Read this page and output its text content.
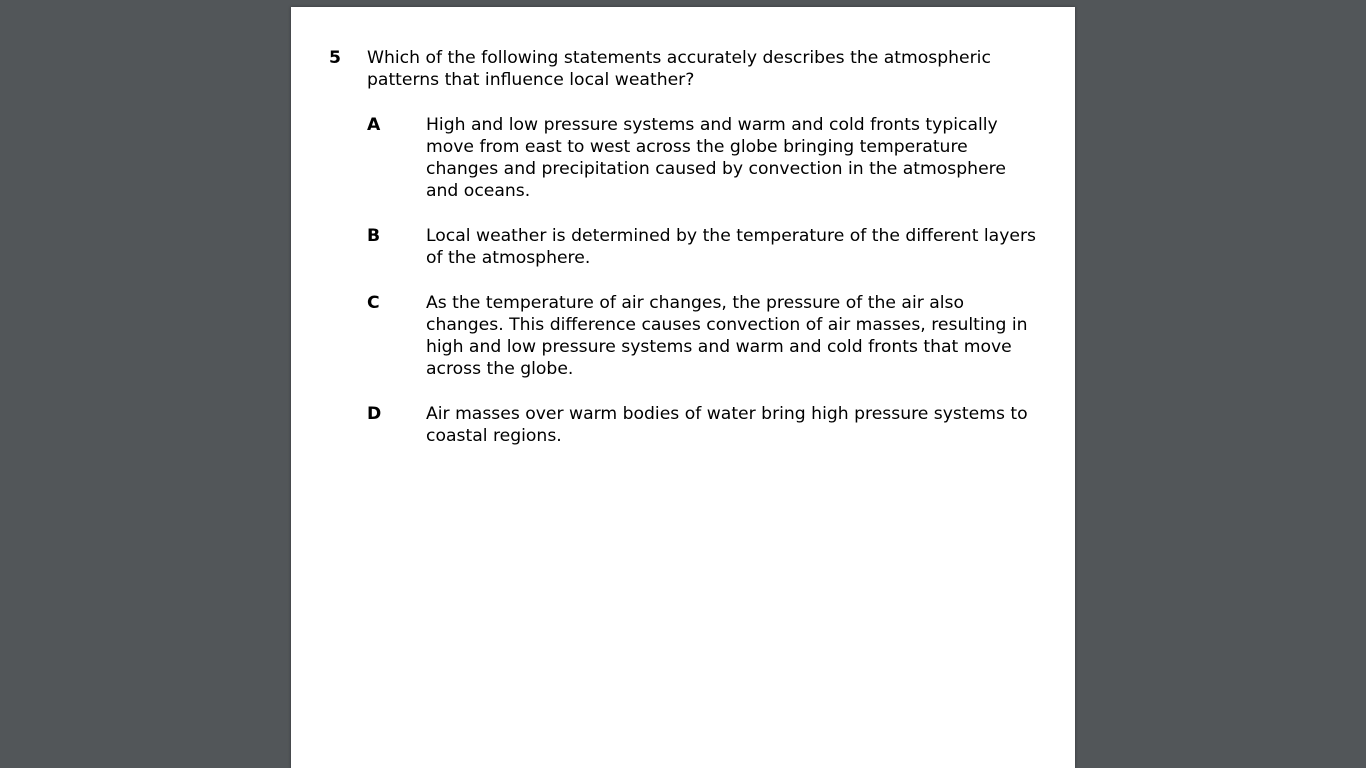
5	Which of the following statements accurately describes the atmospheric patterns that influence local weather?
A	High and low pressure systems and warm and cold fronts typically move from east to west across the globe bringing temperature changes and precipitation caused by convection in the atmosphere and oceans.
B	Local weather is determined by the temperature of the different layers of the atmosphere.
C	As the temperature of air changes, the pressure of the air also changes. This difference causes convection of air masses, resulting in high and low pressure systems and warm and cold fronts that move across the globe.
D	Air masses over warm bodies of water bring high pressure systems to coastal regions.
